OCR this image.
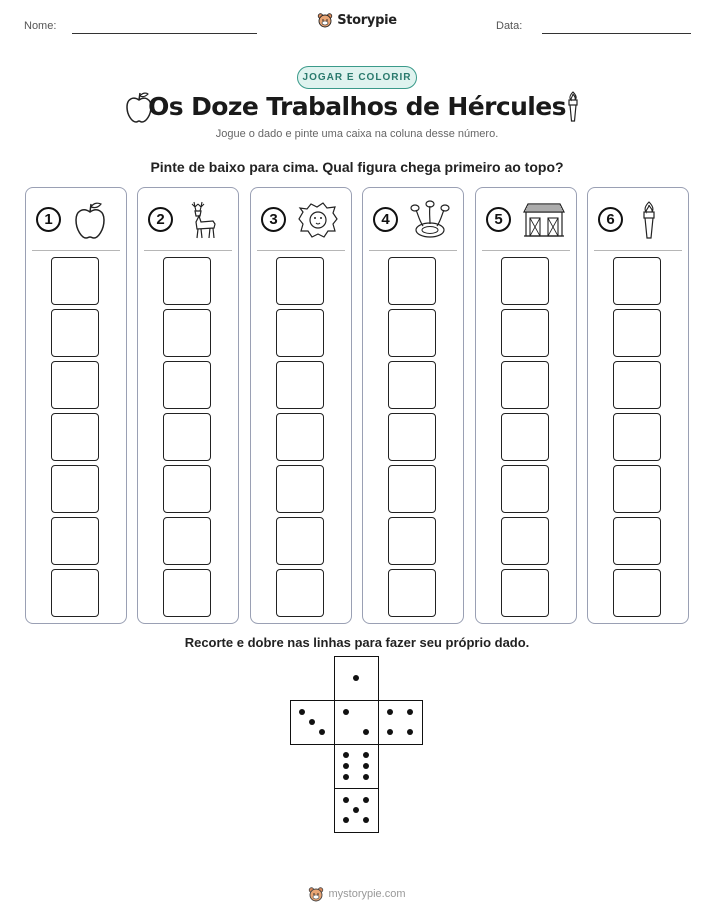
Nome:	Storypie	Data:
JOGAR E COLORIR
Os Doze Trabalhos de Hércules
Jogue o dado e pinte uma caixa na coluna desse número.
Pinte de baixo para cima. Qual figura chega primeiro ao topo?
1	2	3	4	5	6
Recorte e dobre nas linhas para fazer seu próprio dado.
mystorypie.com
